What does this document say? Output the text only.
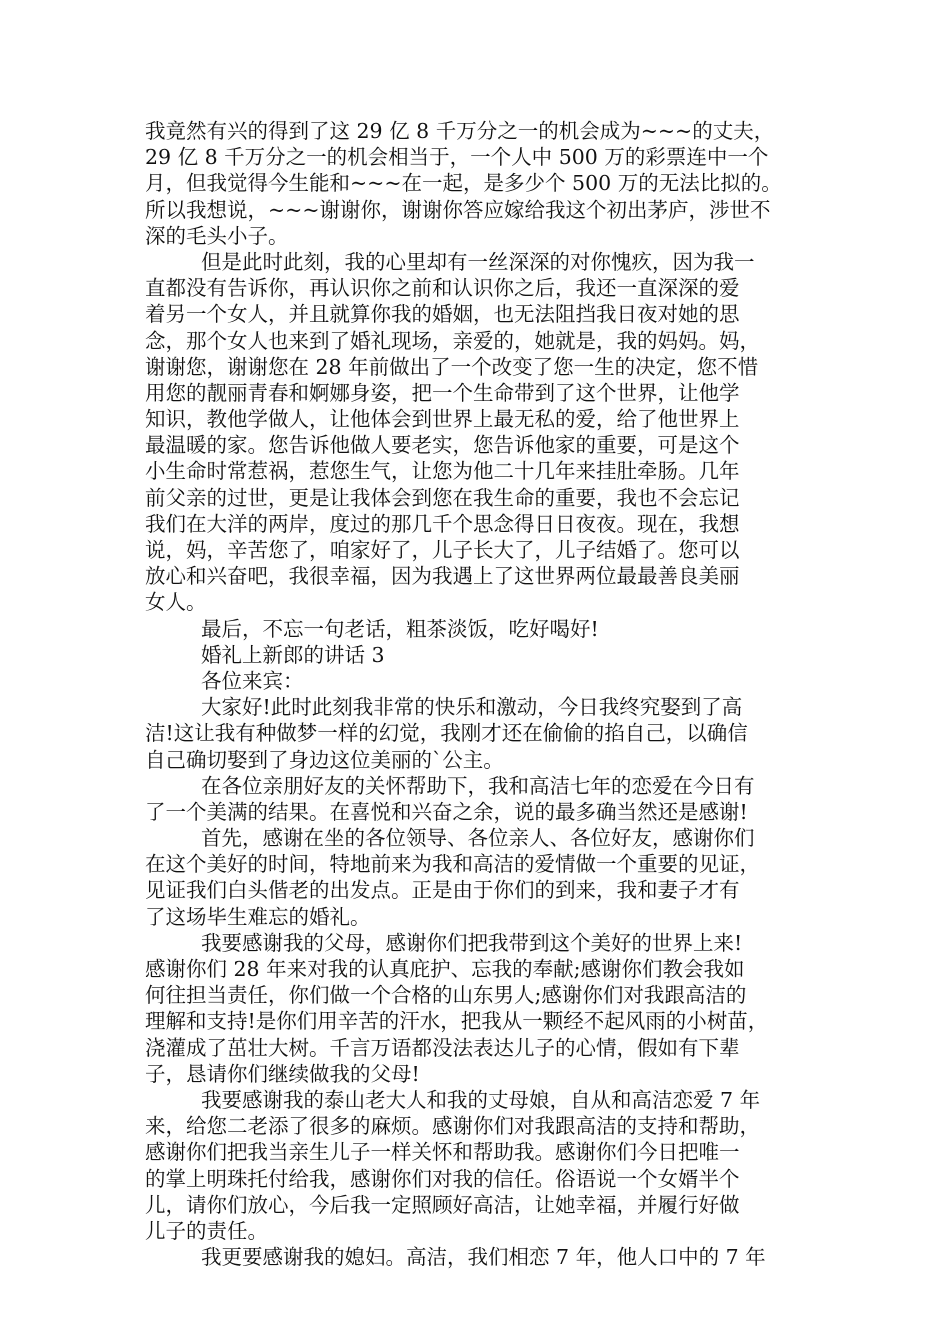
我竟然有兴的得到了这 29 亿 8 千万分之一的机会成为~~~的丈夫，
29 亿 8 千万分之一的机会相当于，一个人中 500 万的彩票连中一个
月，但我觉得今生能和~~~在一起，是多少个 500 万的无法比拟的。
所以我想说，~~~谢谢你，谢谢你答应嫁给我这个初出茅庐，涉世不
深的毛头小子。
但是此时此刻，我的心里却有一丝深深的对你愧疚，因为我一
直都没有告诉你，再认识你之前和认识你之后，我还一直深深的爱
着另一个女人，并且就算你我的婚姻，也无法阻挡我日夜对她的思
念，那个女人也来到了婚礼现场，亲爱的，她就是，我的妈妈。妈，
谢谢您，谢谢您在 28 年前做出了一个改变了您一生的决定，您不惜
用您的靓丽青春和婀娜身姿，把一个生命带到了这个世界，让他学
知识，教他学做人，让他体会到世界上最无私的爱，给了他世界上
最温暖的家。您告诉他做人要老实，您告诉他家的重要，可是这个
小生命时常惹祸，惹您生气，让您为他二十几年来挂肚牵肠。几年
前父亲的过世，更是让我体会到您在我生命的重要，我也不会忘记
我们在大洋的两岸，度过的那几千个思念得日日夜夜。现在，我想
说，妈，辛苦您了，咱家好了，儿子长大了，儿子结婚了。您可以
放心和兴奋吧，我很幸福，因为我遇上了这世界两位最最善良美丽
女人。
最后，不忘一句老话，粗茶淡饭，吃好喝好!
婚礼上新郎的讲话 3
各位来宾：
大家好!此时此刻我非常的快乐和激动，今日我终究娶到了高
洁!这让我有种做梦一样的幻觉，我刚才还在偷偷的掐自己，以确信
自己确切娶到了身边这位美丽的`公主。
在各位亲朋好友的关怀帮助下，我和高洁七年的恋爱在今日有
了一个美满的结果。在喜悦和兴奋之余，说的最多确当然还是感谢!
首先，感谢在坐的各位领导、各位亲人、各位好友，感谢你们
在这个美好的时间，特地前来为我和高洁的爱情做一个重要的见证，
见证我们白头偕老的出发点。正是由于你们的到来，我和妻子才有
了这场毕生难忘的婚礼。
我要感谢我的父母，感谢你们把我带到这个美好的世界上来!
感谢你们 28 年来对我的认真庇护、忘我的奉献;感谢你们教会我如
何往担当责任，你们做一个合格的山东男人;感谢你们对我跟高洁的
理解和支持!是你们用辛苦的汗水，把我从一颗经不起风雨的小树苗，
浇灌成了茁壮大树。千言万语都没法表达儿子的心情，假如有下辈
子，恳请你们继续做我的父母!
我要感谢我的泰山老大人和我的丈母娘，自从和高洁恋爱 7 年
来，给您二老添了很多的麻烦。感谢你们对我跟高洁的支持和帮助，
感谢你们把我当亲生儿子一样关怀和帮助我。感谢你们今日把唯一
的掌上明珠托付给我，感谢你们对我的信任。俗语说一个女婿半个
儿，请你们放心，今后我一定照顾好高洁，让她幸福，并履行好做
儿子的责任。
我更要感谢我的媳妇。高洁，我们相恋 7 年，他人口中的 7 年
